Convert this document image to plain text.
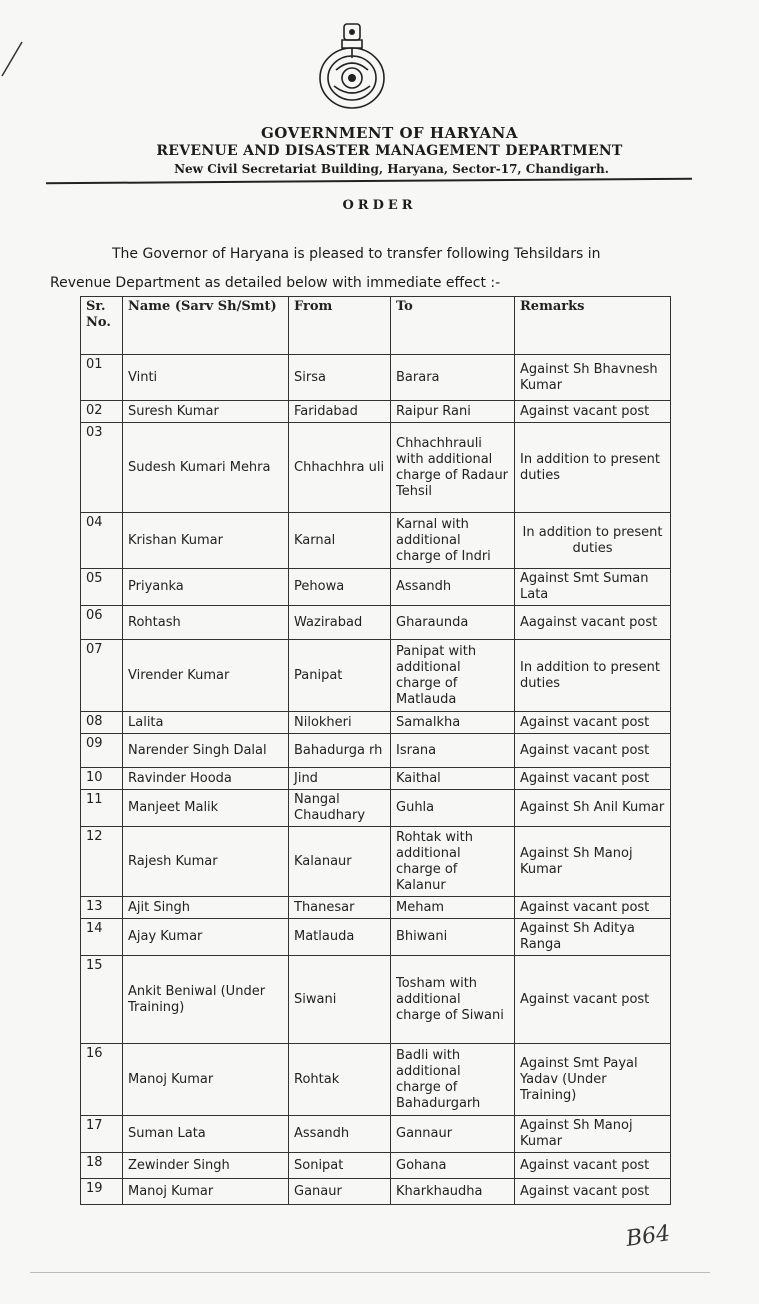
GOVERNMENT OF HARYANA
REVENUE AND DISASTER MANAGEMENT DEPARTMENT
New Civil Secretariat Building, Haryana, Sector-17, Chandigarh.
ORDER
The Governor of Haryana is pleased to transfer following Tehsildars in
Revenue Department as detailed below with immediate effect :-
Sr. No.	Name (Sarv Sh/Smt)	From	To	Remarks
01	Vinti	Sirsa	Barara	Against Sh Bhavnesh Kumar
02	Suresh Kumar	Faridabad	Raipur Rani	Against vacant post
03	Sudesh Kumari Mehra	Chhachhra uli	Chhachhrauli with additional charge of Radaur Tehsil	In addition to present duties
04	Krishan Kumar	Karnal	Karnal with additional charge of Indri	In addition to present duties
05	Priyanka	Pehowa	Assandh	Against Smt Suman Lata
06	Rohtash	Wazirabad	Gharaunda	Aagainst vacant post
07	Virender Kumar	Panipat	Panipat with additional charge of Matlauda	In addition to present duties
08	Lalita	Nilokheri	Samalkha	Against vacant post
09	Narender Singh Dalal	Bahadurga rh	Israna	Against vacant post
10	Ravinder Hooda	Jind	Kaithal	Against vacant post
11	Manjeet Malik	Nangal Chaudhary	Guhla	Against Sh Anil Kumar
12	Rajesh Kumar	Kalanaur	Rohtak with additional charge of Kalanur	Against Sh Manoj Kumar
13	Ajit Singh	Thanesar	Meham	Against vacant post
14	Ajay Kumar	Matlauda	Bhiwani	Against Sh Aditya Ranga
15	Ankit Beniwal (Under Training)	Siwani	Tosham with additional charge of Siwani	Against vacant post
16	Manoj Kumar	Rohtak	Badli with additional charge of Bahadurgarh	Against Smt Payal Yadav (Under Training)
17	Suman Lata	Assandh	Gannaur	Against Sh Manoj Kumar
18	Zewinder Singh	Sonipat	Gohana	Against vacant post
19	Manoj Kumar	Ganaur	Kharkhaudha	Against vacant post
B64
